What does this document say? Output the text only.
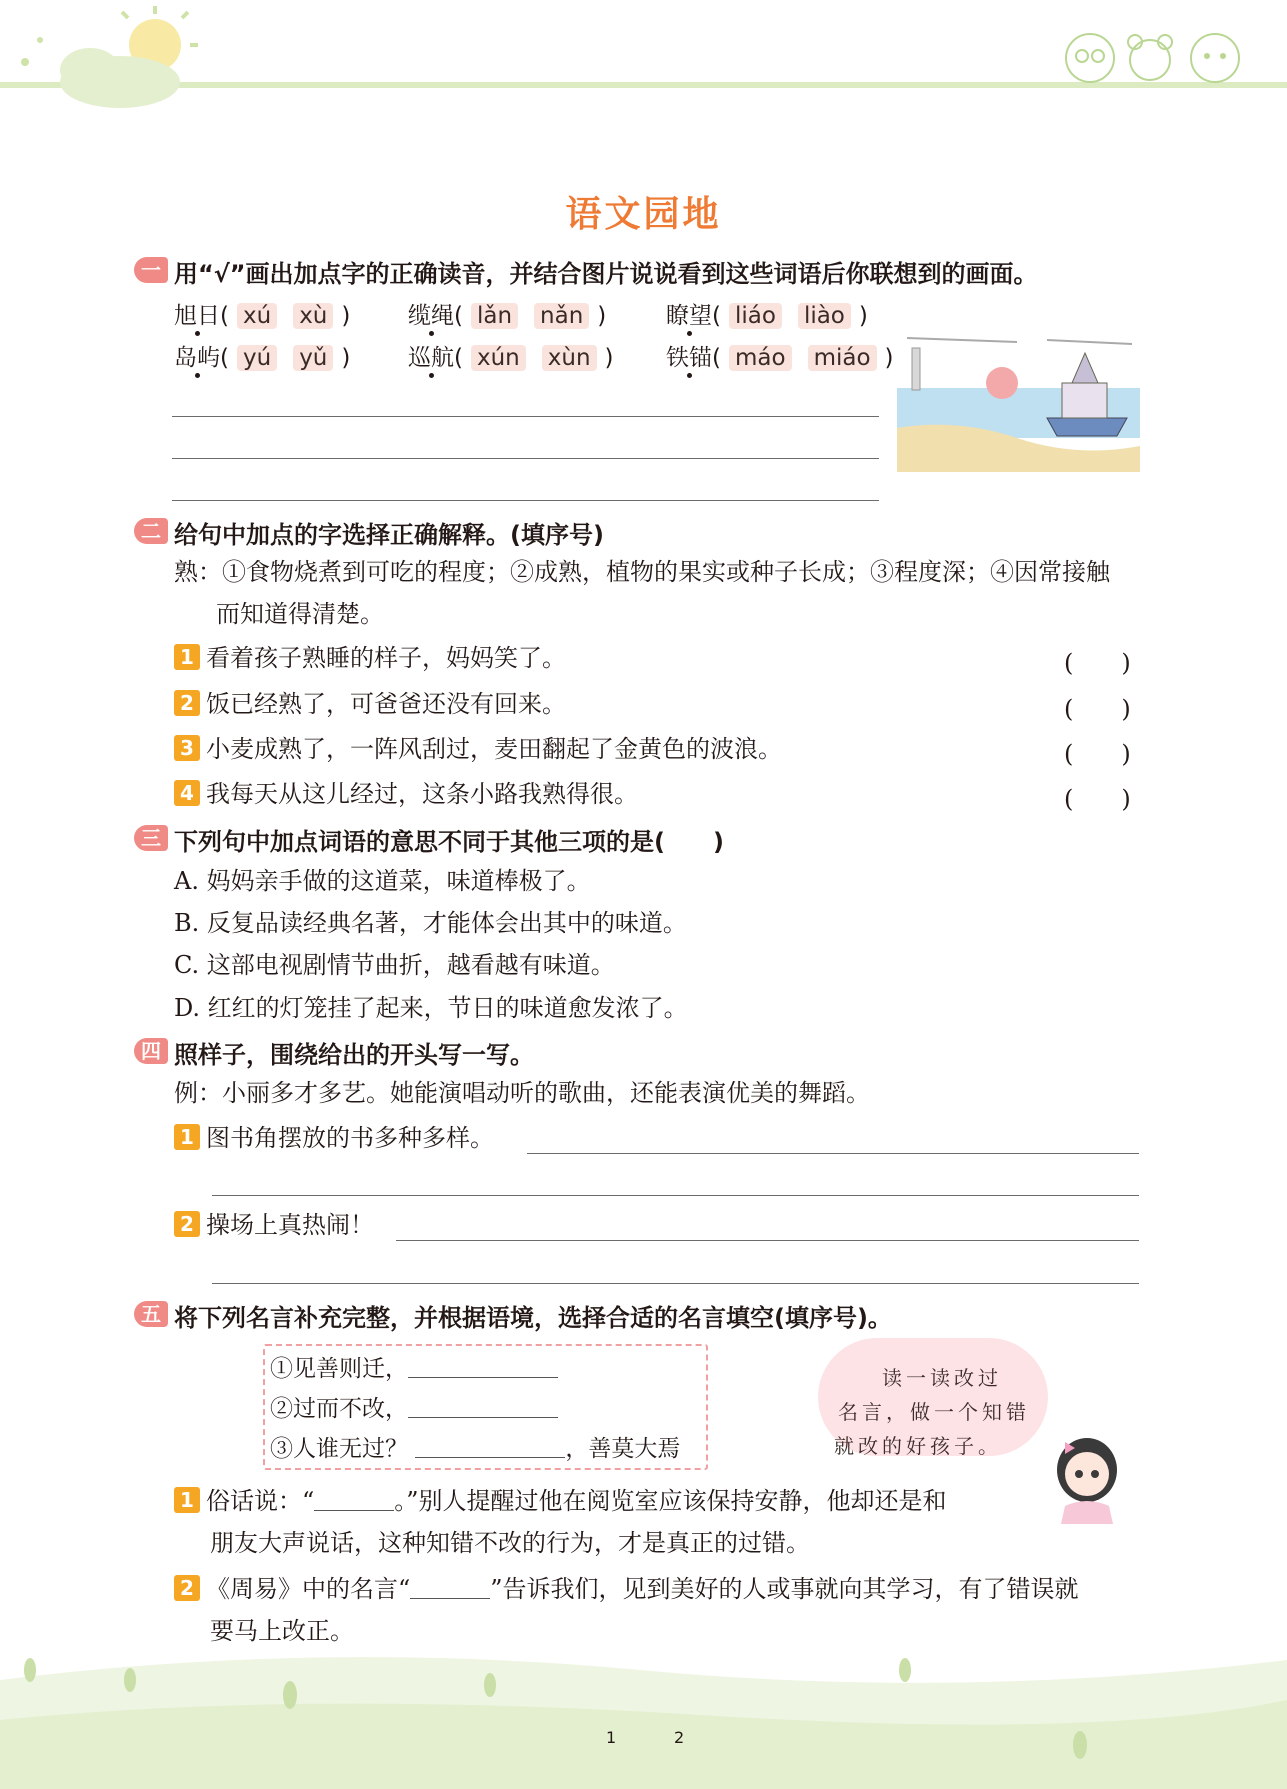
语文园地
一 用“√”画出加点字的正确读音，并结合图片说说看到这些词语后你联想到的画面。
旭日( xú xù )	缆绳( lǎn nǎn )	瞭望( liáo liào )
岛屿( yú yǔ )	巡航( xún xùn ) 铁锚( máo miáo )
二 给句中加点的字选择正确解释。(填序号)
熟：①食物烧煮到可吃的程度；②成熟，植物的果实或种子长成；③程度深；④因常接触
而知道得清楚。
1 看着孩子熟睡的样子，妈妈笑了。	(　　)
2 饭已经熟了，可爸爸还没有回来。	(　　)
3 小麦成熟了，一阵风刮过，麦田翻起了金黄色的波浪。	(　　)
4 我每天从这儿经过，这条小路我熟得很。	(　　)
三 下列句中加点词语的意思不同于其他三项的是(　　)
A. 妈妈亲手做的这道菜，味道棒极了。
B. 反复品读经典名著，才能体会出其中的味道。
C. 这部电视剧情节曲折，越看越有味道。
D. 红红的灯笼挂了起来，节日的味道愈发浓了。
四 照样子，围绕给出的开头写一写。
例：小丽多才多艺。她能演唱动听的歌曲，还能表演优美的舞蹈。
1 图书角摆放的书多种多样。
2 操场上真热闹！
五 将下列名言补充完整，并根据语境，选择合适的名言填空(填序号)。
①见善则迁，
②过而不改，
③人谁无过？	，善莫大焉
读一读改过
名言，做一个知错
就改的好孩子。
1 俗话说：“	。”别人提醒过他在阅览室应该保持安静，他却还是和
朋友大声说话，这种知错不改的行为，才是真正的过错。
2 《周易》中的名言“	”告诉我们，见到美好的人或事就向其学习，有了错误就
要马上改正。
1	2
